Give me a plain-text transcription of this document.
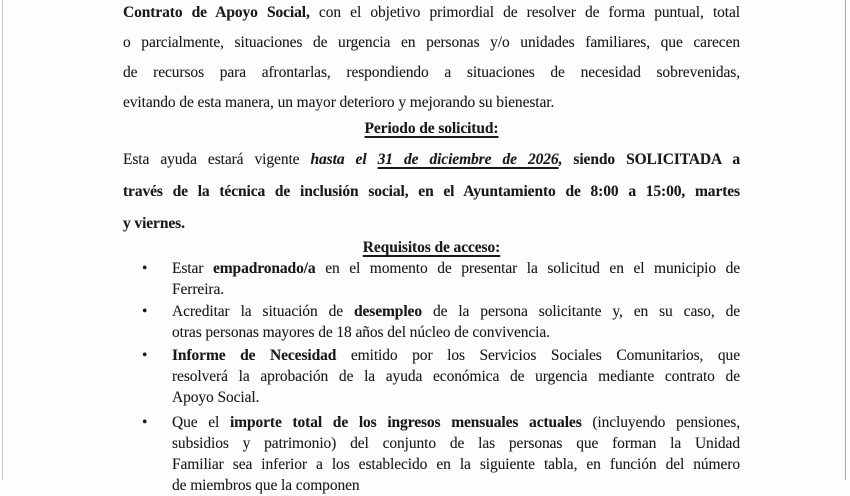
Contrato de Apoyo Social, con el objetivo primordial de resolver de forma puntual, total
o parcialmente, situaciones de urgencia en personas y/o unidades familiares, que carecen
de recursos para afrontarlas, respondiendo a situaciones de necesidad sobrevenidas,
evitando de esta manera, un mayor deterioro y mejorando su bienestar.
Periodo de solicitud:
Esta ayuda estará vigente hasta el 31 de diciembre de 2026, siendo SOLICITADA a
través de la técnica de inclusión social, en el Ayuntamiento de 8:00 a 15:00, martes
y viernes.
Requisitos de acceso:
• Estar empadronado/a en el momento de presentar la solicitud en el municipio de
Ferreira.
• Acreditar la situación de desempleo de la persona solicitante y, en su caso, de
otras personas mayores de 18 años del núcleo de convivencia.
• Informe de Necesidad emitido por los Servicios Sociales Comunitarios, que
resolverá la aprobación de la ayuda económica de urgencia mediante contrato de
Apoyo Social.
• Que el importe total de los ingresos mensuales actuales (incluyendo pensiones,
subsidios y patrimonio) del conjunto de las personas que forman la Unidad
Familiar sea inferior a los establecido en la siguiente tabla, en función del número
de miembros que la componen
